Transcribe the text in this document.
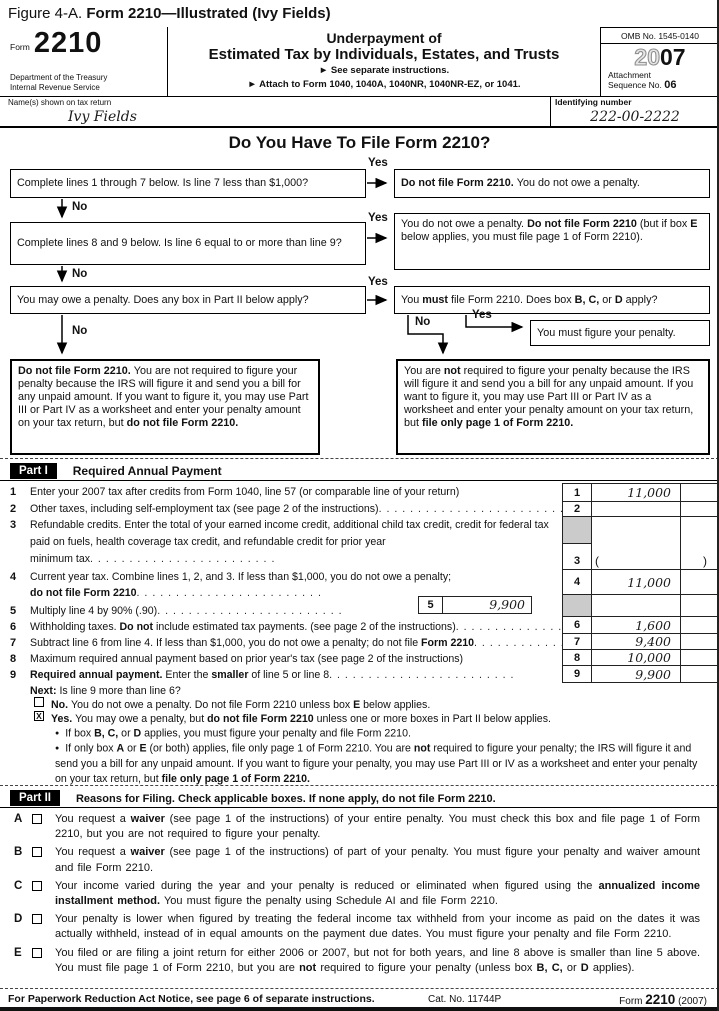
Figure 4-A. Form 2210—Illustrated (Ivy Fields)
Form 2210
Department of the Treasury
Internal Revenue Service
Underpayment of
Estimated Tax by Individuals, Estates, and Trusts
► See separate instructions.
► Attach to Form 1040, 1040A, 1040NR, 1040NR-EZ, or 1041.
OMB No. 1545-0140
2007
Attachment
Sequence No. 06
Name(s) shown on tax return
Ivy Fields
Identifying number
222-00-2222
Do You Have To File Form 2210?
Complete lines 1 through 7 below. Is line 7 less than $1,000?	Do not file Form 2210. You do not owe a penalty.
Complete lines 8 and 9 below. Is line 6 equal to or more than line 9?
You do not owe a penalty. Do not file Form 2210 (but if box E below applies, you must file page 1 of Form 2210).
You may owe a penalty. Does any box in Part II below apply?	You must file Form 2210. Does box B, C, or D apply?
You must figure your penalty.
Do not file Form 2210. You are not required to figure your penalty because the IRS will figure it and send you a bill for any unpaid amount. If you want to figure it, you may use Part III or Part IV as a worksheet and enter your penalty amount on your tax return, but do not file Form 2210.
You are not required to figure your penalty because the IRS will figure it and send you a bill for any unpaid amount. If you want to figure it, you may use Part III or Part IV as a worksheet and enter your penalty amount on your tax return, but file only page 1 of Form 2210.
Yes
No
Yes
No
Yes
No
No
Yes
Part I	Required Annual Payment
1	Enter your 2007 tax after credits from Form 1040, line 57 (or comparable line of your return)
2	Other taxes, including self-employment tax (see page 2 of the instructions)
.
3	Refundable credits. Enter the total of your earned income credit, additional child tax credit, credit for federal tax paid on fuels, health coverage tax credit, and refundable credit for prior year
minimum tax
.
4	Current year tax. Combine lines 1, 2, and 3. If less than $1,000, you do not owe a penalty;
do not file Form 2210
.
5	Multiply line 4 by 90% (.90)
.
6	Withholding taxes. Do not include estimated tax payments. (see page 2 of the instructions)
.
7	Subtract line 6 from line 4. If less than $1,000, you do not owe a penalty; do not file Form 2210
.
8	Maximum required annual payment based on prior year's tax (see page 2 of the instructions)
9	Required annual payment. Enter the smaller of line 5 or line 8
.
Next: Is line 9 more than line 6?
No. You do not owe a penalty. Do not file Form 2210 unless box E below applies.
X Yes. You may owe a penalty, but do not file Form 2210 unless one or more boxes in Part II below applies.
● If box B, C, or D applies, you must figure your penalty and file Form 2210.
● If only box A or E (or both) applies, file only page 1 of Form 2210. You are not required to figure your penalty; the IRS will figure it and send you a bill for any unpaid amount. If you want to figure your penalty, you may use Part III or IV as a worksheet and enter your penalty on your tax return, but file only page 1 of Form 2210.
1	11,000
2
3 (	)
4	11,000
6	1,600
7	9,400
8	10,000
9	9,900
5	9,900
Part II	Reasons for Filing. Check applicable boxes. If none apply, do not file Form 2210.
A	You request a waiver (see page 1 of the instructions) of your entire penalty. You must check this box and file page 1 of Form 2210, but you are not required to figure your penalty.
B	You request a waiver (see page 1 of the instructions) of part of your penalty. You must figure your penalty and waiver amount and file Form 2210.
C	Your income varied during the year and your penalty is reduced or eliminated when figured using the annualized income installment method. You must figure the penalty using Schedule AI and file Form 2210.
D	Your penalty is lower when figured by treating the federal income tax withheld from your income as paid on the dates it was actually withheld, instead of in equal amounts on the payment due dates. You must figure your penalty and file Form 2210.
E	You filed or are filing a joint return for either 2006 or 2007, but not for both years, and line 8 above is smaller than line 5 above. You must file page 1 of Form 2210, but you are not required to figure your penalty (unless box B, C, or D applies).
For Paperwork Reduction Act Notice, see page 6 of separate instructions.	Cat. No. 11744P	Form 2210 (2007)
